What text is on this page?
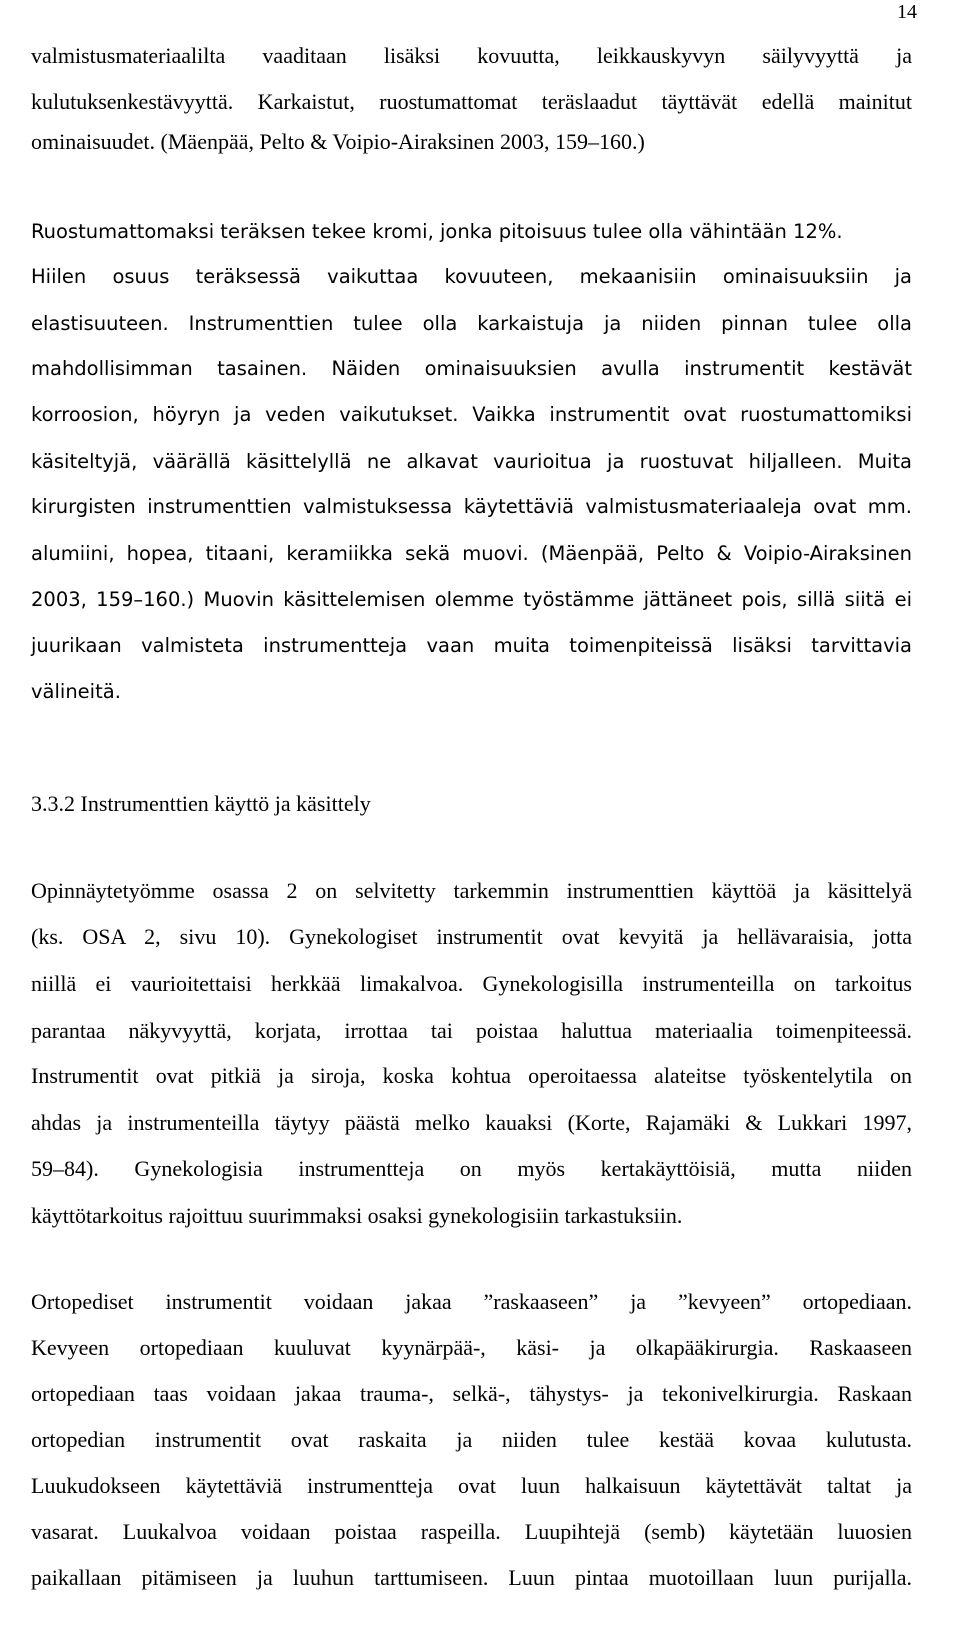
14
valmistusmateriaalilta vaaditaan lisäksi kovuutta, leikkauskyvyn säilyvyyttä ja
kulutuksenkestävyyttä. Karkaistut, ruostumattomat teräslaadut täyttävät edellä mainitut
ominaisuudet. (Mäenpää, Pelto & Voipio-Airaksinen 2003, 159–160.)
Ruostumattomaksi teräksen tekee kromi, jonka pitoisuus tulee olla vähintään 12%.
Hiilen osuus teräksessä vaikuttaa kovuuteen, mekaanisiin ominaisuuksiin ja
elastisuuteen. Instrumenttien tulee olla karkaistuja ja niiden pinnan tulee olla
mahdollisimman tasainen. Näiden ominaisuuksien avulla instrumentit kestävät
korroosion, höyryn ja veden vaikutukset. Vaikka instrumentit ovat ruostumattomiksi
käsiteltyjä, väärällä käsittelyllä ne alkavat vaurioitua ja ruostuvat hiljalleen. Muita
kirurgisten instrumenttien valmistuksessa käytettäviä valmistusmateriaaleja ovat mm.
alumiini, hopea, titaani, keramiikka sekä muovi. (Mäenpää, Pelto & Voipio-Airaksinen
2003, 159–160.) Muovin käsittelemisen olemme työstämme jättäneet pois, sillä siitä ei
juurikaan valmisteta instrumentteja vaan muita toimenpiteissä lisäksi tarvittavia
välineitä.
3.3.2 Instrumenttien käyttö ja käsittely
Opinnäytetyömme osassa 2 on selvitetty tarkemmin instrumenttien käyttöä ja käsittelyä
(ks. OSA 2, sivu 10). Gynekologiset instrumentit ovat kevyitä ja hellävaraisia, jotta
niillä ei vaurioitettaisi herkkää limakalvoa. Gynekologisilla instrumenteilla on tarkoitus
parantaa näkyvyyttä, korjata, irrottaa tai poistaa haluttua materiaalia toimenpiteessä.
Instrumentit ovat pitkiä ja siroja, koska kohtua operoitaessa alateitse työskentelytila on
ahdas ja instrumenteilla täytyy päästä melko kauaksi (Korte, Rajamäki & Lukkari 1997,
59–84). Gynekologisia instrumentteja on myös kertakäyttöisiä, mutta niiden
käyttötarkoitus rajoittuu suurimmaksi osaksi gynekologisiin tarkastuksiin.
Ortopediset instrumentit voidaan jakaa ”raskaaseen” ja ”kevyeen” ortopediaan.
Kevyeen ortopediaan kuuluvat kyynärpää-, käsi- ja olkapääkirurgia. Raskaaseen
ortopediaan taas voidaan jakaa trauma-, selkä-, tähystys- ja tekonivelkirurgia. Raskaan
ortopedian instrumentit ovat raskaita ja niiden tulee kestää kovaa kulutusta.
Luukudokseen käytettäviä instrumentteja ovat luun halkaisuun käytettävät taltat ja
vasarat. Luukalvoa voidaan poistaa raspeilla. Luupihtejä (semb) käytetään luuosien
paikallaan pitämiseen ja luuhun tarttumiseen. Luun pintaa muotoillaan luun purijalla.
